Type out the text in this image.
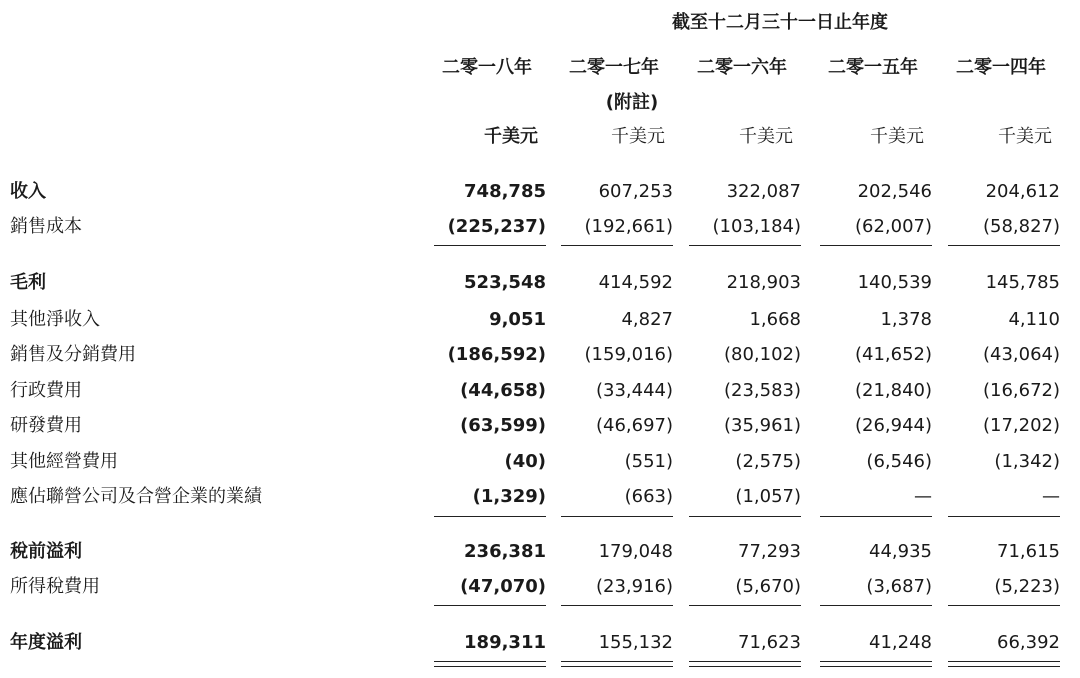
截至十二月三十一日止年度
二零一八年	二零一七年	二零一六年	二零一五年	二零一四年
(附註)
千美元	千美元	千美元	千美元	千美元
收入	748,785	607,253	322,087	202,546	204,612
銷售成本	(225,237)	(192,661)	(103,184)	(62,007)	(58,827)
毛利	523,548	414,592	218,903	140,539	145,785
其他淨收入	9,051	4,827	1,668	1,378	4,110
銷售及分銷費用	(186,592)	(159,016)	(80,102)	(41,652)	(43,064)
行政費用	(44,658)	(33,444)	(23,583)	(21,840)	(16,672)
研發費用	(63,599)	(46,697)	(35,961)	(26,944)	(17,202)
其他經營費用	(40)	(551)	(2,575)	(6,546)	(1,342)
應佔聯營公司及合營企業的業績	(1,329)	(663)	(1,057)	—	—
稅前溢利	236,381	179,048	77,293	44,935	71,615
所得稅費用	(47,070)	(23,916)	(5,670)	(3,687)	(5,223)
年度溢利	189,311	155,132	71,623	41,248	66,392
